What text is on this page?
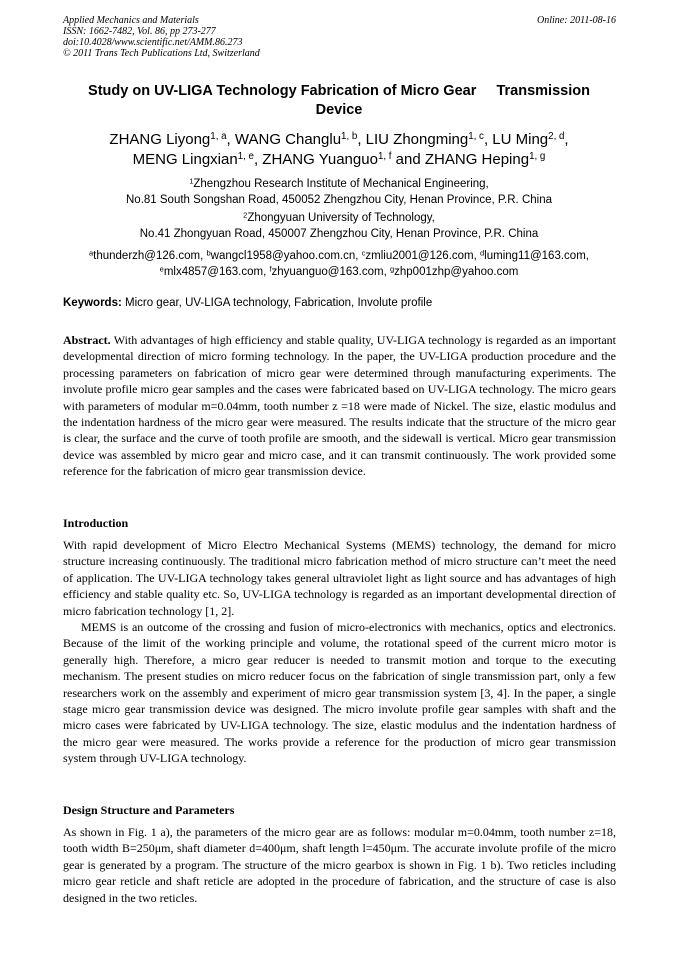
Applied Mechanics and Materials
ISSN: 1662-7482, Vol. 86, pp 273-277
doi:10.4028/www.scientific.net/AMM.86.273
© 2011 Trans Tech Publications Ltd, Switzerland
Online: 2011-08-16
Study on UV-LIGA Technology Fabrication of Micro Gear     Transmission
Device
ZHANG Liyong$^{1, a}$, WANG Changlu$^{1, b}$, LIU Zhongming$^{1, c}$, LU Ming$^{2, d}$,
MENG Lingxian$^{1, e}$, ZHANG Yuanguo$^{1, f}$ and ZHANG Heping$^{1, g}$
$^1$Zhengzhou Research Institute of Mechanical Engineering,
No.81 South Songshan Road, 450052 Zhengzhou City, Henan Province, P.R. China
$^2$Zhongyuan University of Technology,
No.41 Zhongyuan Road, 450007 Zhengzhou City, Henan Province, P.R. China
$^a$thunderzh@126.com, $^b$wangcl1958@yahoo.com.cn, $^c$zmliu2001@126.com, $^d$luming11@163.com,
$^e$mlx4857@163.com, $^f$zhyuanguo@163.com, $^g$zhp001zhp@yahoo.com
Keywords: Micro gear, UV-LIGA technology, Fabrication, Involute profile

Abstract. With advantages of high efficiency and stable quality, UV-LIGA technology is regarded as an important developmental direction of micro forming technology. In the paper, the UV-LIGA production procedure and the processing parameters on fabrication of micro gear were determined through manufacturing experiments. The involute profile micro gear samples and the cases were fabricated based on UV-LIGA technology. The micro gears with parameters of modular m=0.04mm, tooth number z =18 were made of Nickel. The size, elastic modulus and the indentation hardness of the micro gear were measured. The results indicate that the structure of the micro gear is clear, the surface and the curve of tooth profile are smooth, and the sidewall is vertical. Micro gear transmission device was assembled by micro gear and micro case, and it can transmit continuously. The work provided some reference for the fabrication of micro gear transmission device.

Introduction

With rapid development of Micro Electro Mechanical Systems (MEMS) technology, the demand for micro structure increasing continuously. The traditional micro fabrication method of micro structure can’t meet the need of application. The UV-LIGA technology takes general ultraviolet light as light source and has advantages of high efficiency and stable quality etc. So, UV-LIGA technology is regarded as an important developmental direction of micro fabrication technology [1, 2].

MEMS is an outcome of the crossing and fusion of micro-electronics with mechanics, optics and electronics. Because of the limit of the working principle and volume, the rotational speed of the current micro motor is generally high. Therefore, a micro gear reducer is needed to transmit motion and torque to the executing mechanism. The present studies on micro reducer focus on the fabrication of single transmission part, only a few researchers work on the assembly and experiment of micro gear transmission system [3, 4]. In the paper, a single stage micro gear transmission device was designed. The micro involute profile gear samples with shaft and the micro cases were fabricated by UV-LIGA technology. The size, elastic modulus and the indentation hardness of the micro gear were measured. The works provide a reference for the production of micro gear transmission system through UV-LIGA technology.

Design Structure and Parameters

As shown in Fig. 1 a), the parameters of the micro gear are as follows: modular m=0.04mm, tooth number z=18, tooth width B=250μm, shaft diameter d=400μm, shaft length l=450μm. The accurate involute profile of the micro gear is generated by a program. The structure of the micro gearbox is shown in Fig. 1 b). Two reticles including micro gear reticle and shaft reticle are adopted in the procedure of fabrication, and the structure of case is also designed in the two reticles.
